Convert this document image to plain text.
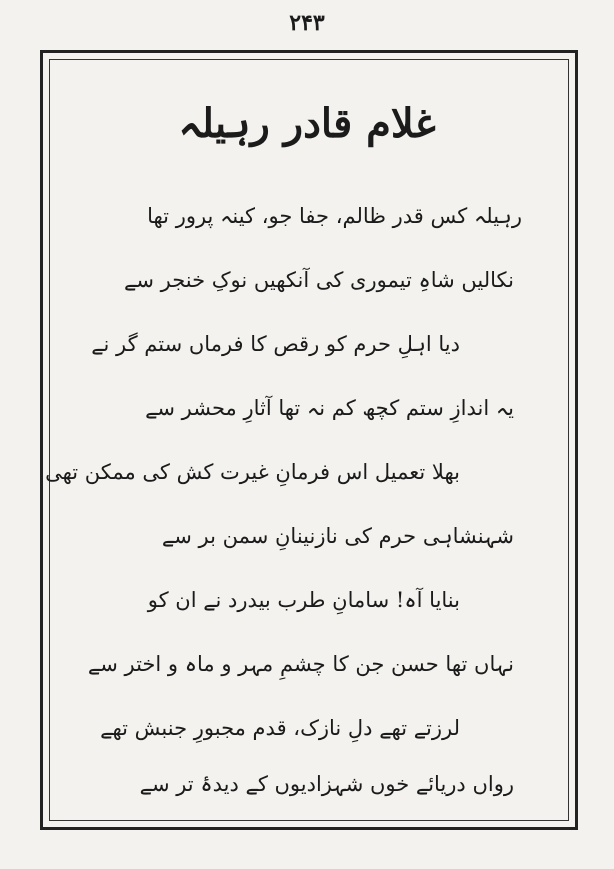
۲۴۳
غلام قادر رہیلہ
رہیلہ کس قدر ظالم، جفا جو، کینہ پرور تھا
نکالیں شاہِ تیموری کی آنکھیں نوکِ خنجر سے
دیا اہلِ حرم کو رقص کا فرماں ستم گر نے
یہ اندازِ ستم کچھ کم نہ تھا آثارِ محشر سے
بھلا تعمیل اس فرمانِ غیرت کش کی ممکن تھی
شہنشاہی حرم کی نازنینانِ سمن بر سے
بنایا آہ! سامانِ طرب بیدرد نے ان کو
نہاں تھا حسن جن کا چشمِ مہر و ماہ و اختر سے
لرزتے تھے دلِ نازک، قدم مجبورِ جنبش تھے
رواں دریائے خوں شہزادیوں کے دیدۂ تر سے
